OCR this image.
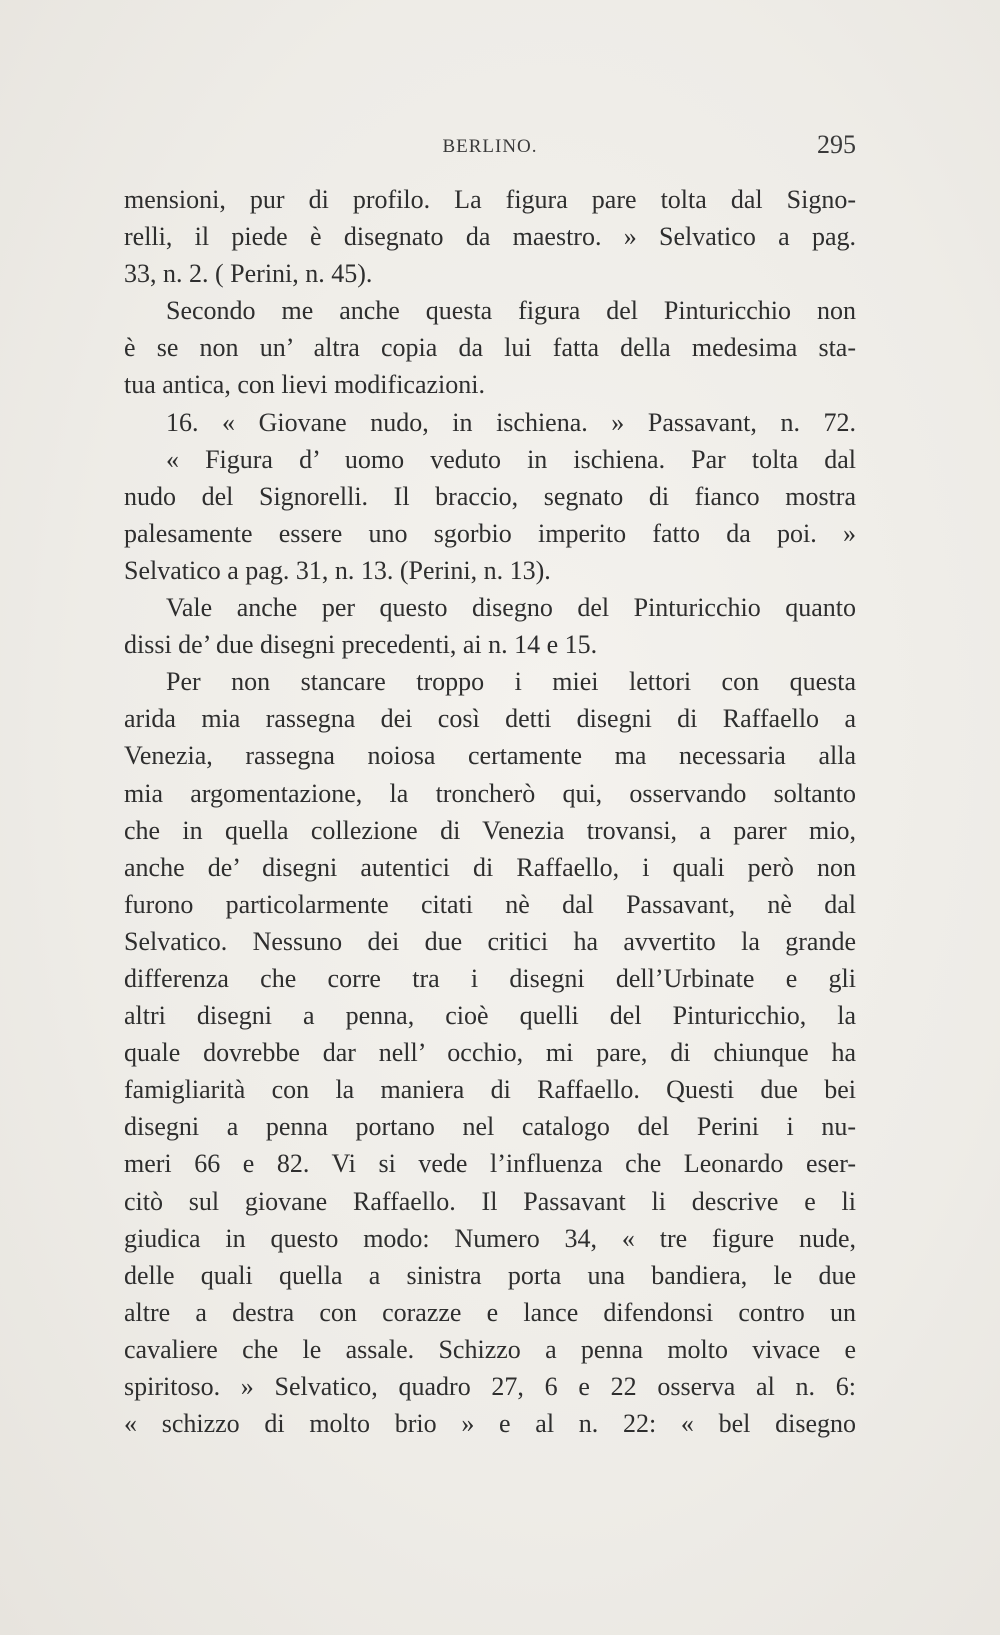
BERLINO.	295
mensioni, pur di profilo. La figura pare tolta dal Signo-
relli, il piede è disegnato da maestro. » Selvatico a pag.
33, n. 2. ( Perini, n. 45).
Secondo me anche questa figura del Pinturicchio non
è se non un’ altra copia da lui fatta della medesima sta-
tua antica, con lievi modificazioni.
16. « Giovane nudo, in ischiena. » Passavant, n. 72.
« Figura d’ uomo veduto in ischiena. Par tolta dal
nudo del Signorelli. Il braccio, segnato di fianco mostra
palesamente essere uno sgorbio imperito fatto da poi. »
Selvatico a pag. 31, n. 13. (Perini, n. 13).
Vale anche per questo disegno del Pinturicchio quanto
dissi de’ due disegni precedenti, ai n. 14 e 15.
Per non stancare troppo i miei lettori con questa
arida mia rassegna dei così detti disegni di Raffaello a
Venezia, rassegna noiosa certamente ma necessaria alla
mia argomentazione, la troncherò qui, osservando soltanto
che in quella collezione di Venezia trovansi, a parer mio,
anche de’ disegni autentici di Raffaello, i quali però non
furono particolarmente citati nè dal Passavant, nè dal
Selvatico. Nessuno dei due critici ha avvertito la grande
differenza che corre tra i disegni dell’Urbinate e gli
altri disegni a penna, cioè quelli del Pinturicchio, la
quale dovrebbe dar nell’ occhio, mi pare, di chiunque ha
famigliarità con la maniera di Raffaello. Questi due bei
disegni a penna portano nel catalogo del Perini i nu-
meri 66 e 82. Vi si vede l’influenza che Leonardo eser-
citò sul giovane Raffaello. Il Passavant li descrive e li
giudica in questo modo: Numero 34, « tre figure nude,
delle quali quella a sinistra porta una bandiera, le due
altre a destra con corazze e lance difendonsi contro un
cavaliere che le assale. Schizzo a penna molto vivace e
spiritoso. » Selvatico, quadro 27, 6 e 22 osserva al n. 6:
« schizzo di molto brio » e al n. 22: « bel disegno
